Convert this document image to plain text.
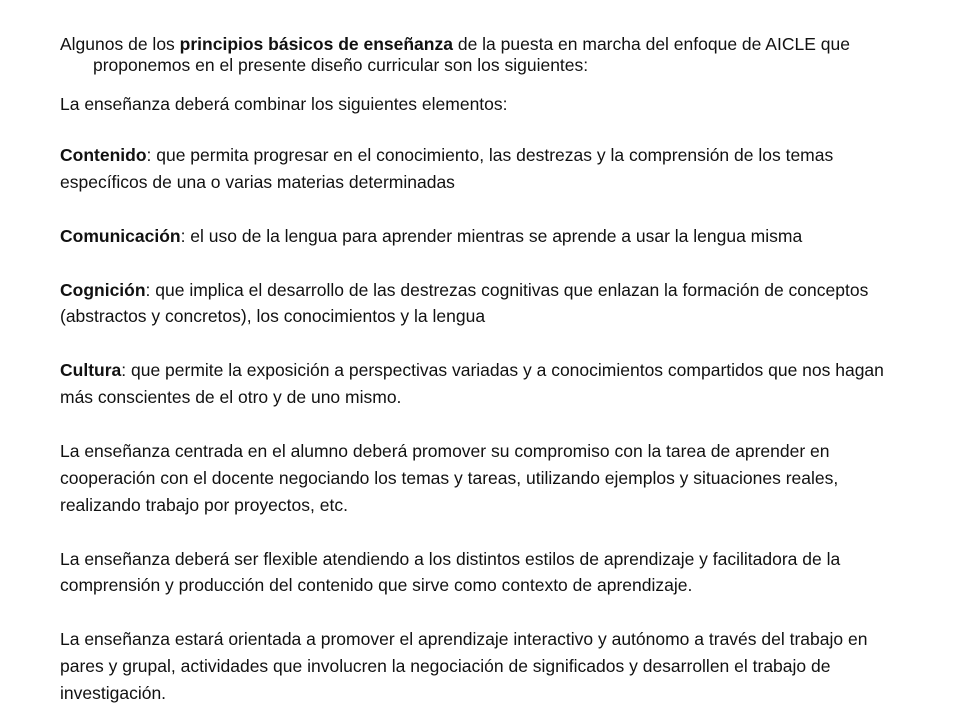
Algunos de los principios básicos de enseñanza de la puesta en marcha del enfoque de AICLE que proponemos en el presente diseño curricular son los siguientes:
La enseñanza deberá combinar los siguientes elementos:
Contenido: que permita progresar en el conocimiento, las destrezas y la comprensión de los temas específicos de una o varias materias determinadas
Comunicación: el uso de la lengua para aprender mientras se aprende a usar la lengua misma
Cognición: que implica el desarrollo de las destrezas cognitivas que enlazan la formación de conceptos (abstractos y concretos), los conocimientos y la lengua
Cultura: que permite la exposición a perspectivas variadas y a conocimientos compartidos que nos hagan más conscientes de el otro y de uno mismo.
La enseñanza centrada en el alumno deberá promover su compromiso con la tarea de aprender en cooperación con el docente negociando los temas y tareas, utilizando ejemplos y situaciones reales, realizando trabajo por proyectos, etc.
La enseñanza deberá ser flexible atendiendo a los distintos estilos de aprendizaje y facilitadora de la comprensión y producción del contenido que sirve como contexto de aprendizaje.
La enseñanza estará orientada a promover el aprendizaje interactivo y autónomo a través del trabajo en pares y grupal, actividades que involucren la negociación de significados y desarrollen el trabajo de investigación.
